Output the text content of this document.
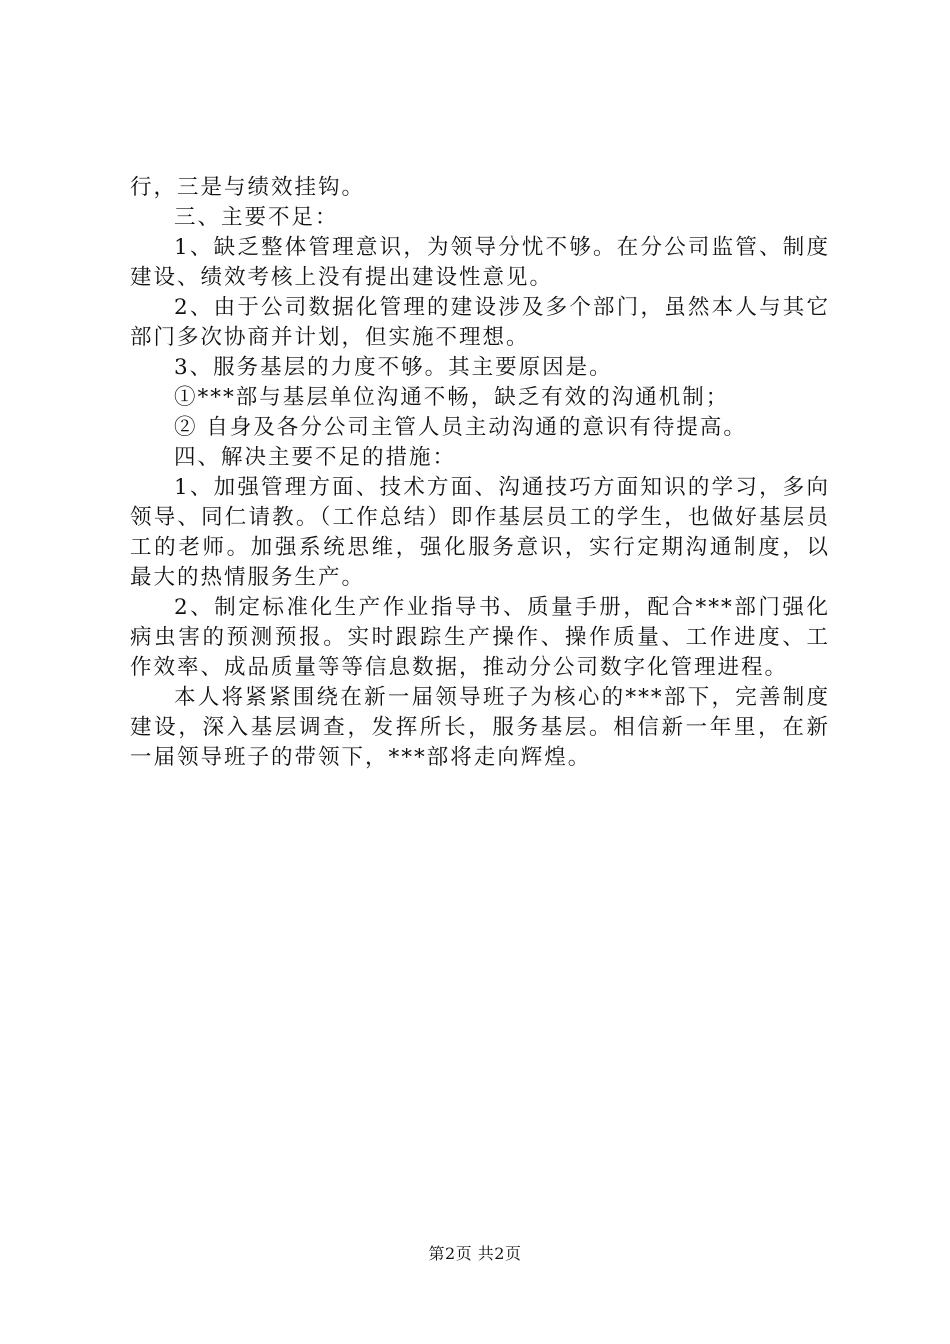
行，三是与绩效挂钩。

三、主要不足：

1、缺乏整体管理意识，为领导分忧不够。在分公司监管、制度建设、绩效考核上没有提出建设性意见。

2、由于公司数据化管理的建设涉及多个部门，虽然本人与其它部门多次协商并计划，但实施不理想。

3、服务基层的力度不够。其主要原因是。

①***部与基层单位沟通不畅，缺乏有效的沟通机制；

② 自身及各分公司主管人员主动沟通的意识有待提高。

四、解决主要不足的措施：

1、加强管理方面、技术方面、沟通技巧方面知识的学习，多向领导、同仁请教。（工作总结）即作基层员工的学生，也做好基层员工的老师。加强系统思维，强化服务意识，实行定期沟通制度，以最大的热情服务生产。

2、制定标准化生产作业指导书、质量手册，配合***部门强化病虫害的预测预报。实时跟踪生产操作、操作质量、工作进度、工作效率、成品质量等等信息数据，推动分公司数字化管理进程。

本人将紧紧围绕在新一届领导班子为核心的***部下，完善制度建设，深入基层调查，发挥所长，服务基层。相信新一年里，在新一届领导班子的带领下，***部将走向辉煌。

第2页 共2页
